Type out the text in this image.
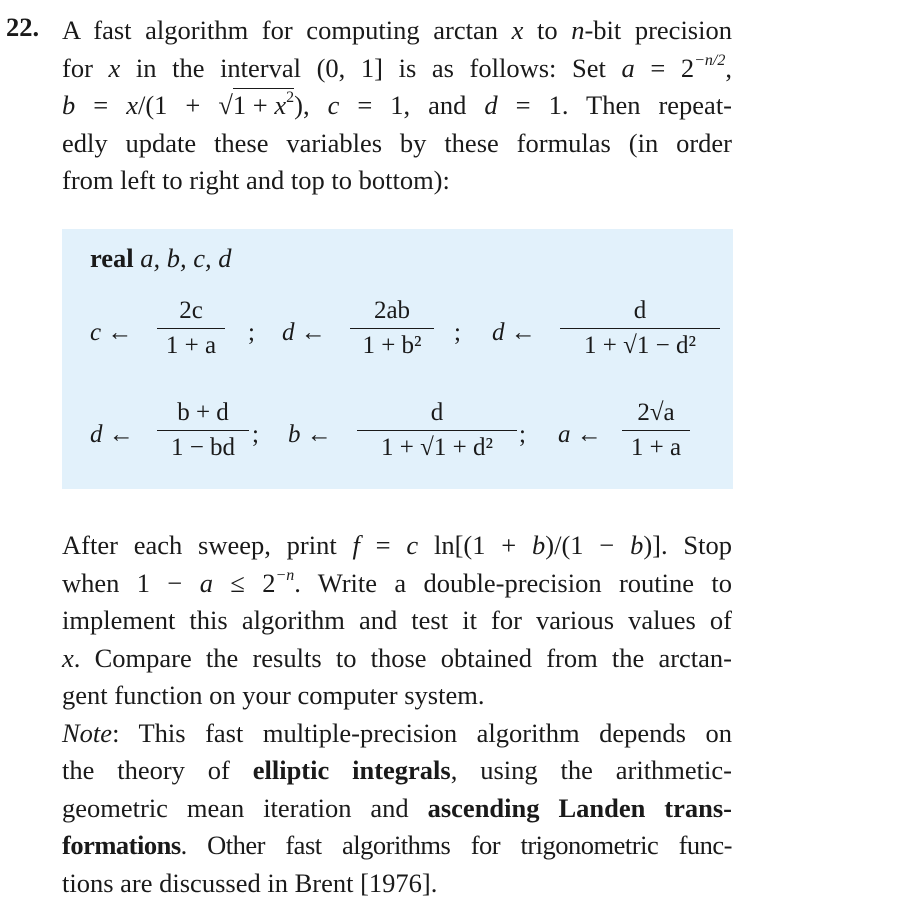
22. A fast algorithm for computing arctan x to n-bit precision
for x in the interval (0, 1] is as follows: Set $a = 2^{-n/2}$,
$b = x/(1 + √1 + x^2)$, c = 1, and d = 1. Then repeat-
edly update these variables by these formulas (in order
from left to right and top to bottom):
real a, b, c, d
c ←
2c
1 + a	; d ←
2ab
1 + b²	; d ←
d
1 + √1 − d²
d ←
b + d
1 − bd ; b ←
d
1 + √1 + d²	; a ←
2√a
1 + a
After each sweep, print f = c ln[(1 + b)/(1 − b)]. Stop
when $1 - a \le 2^{-n}$. Write a double-precision routine to
implement this algorithm and test it for various values of
x. Compare the results to those obtained from the arctan-
gent function on your computer system.
Note: This fast multiple-precision algorithm depends on
the theory of elliptic integrals, using the arithmetic-
geometric mean iteration and ascending Landen trans-
formations. Other fast algorithms for trigonometric func-
tions are discussed in Brent [1976].
